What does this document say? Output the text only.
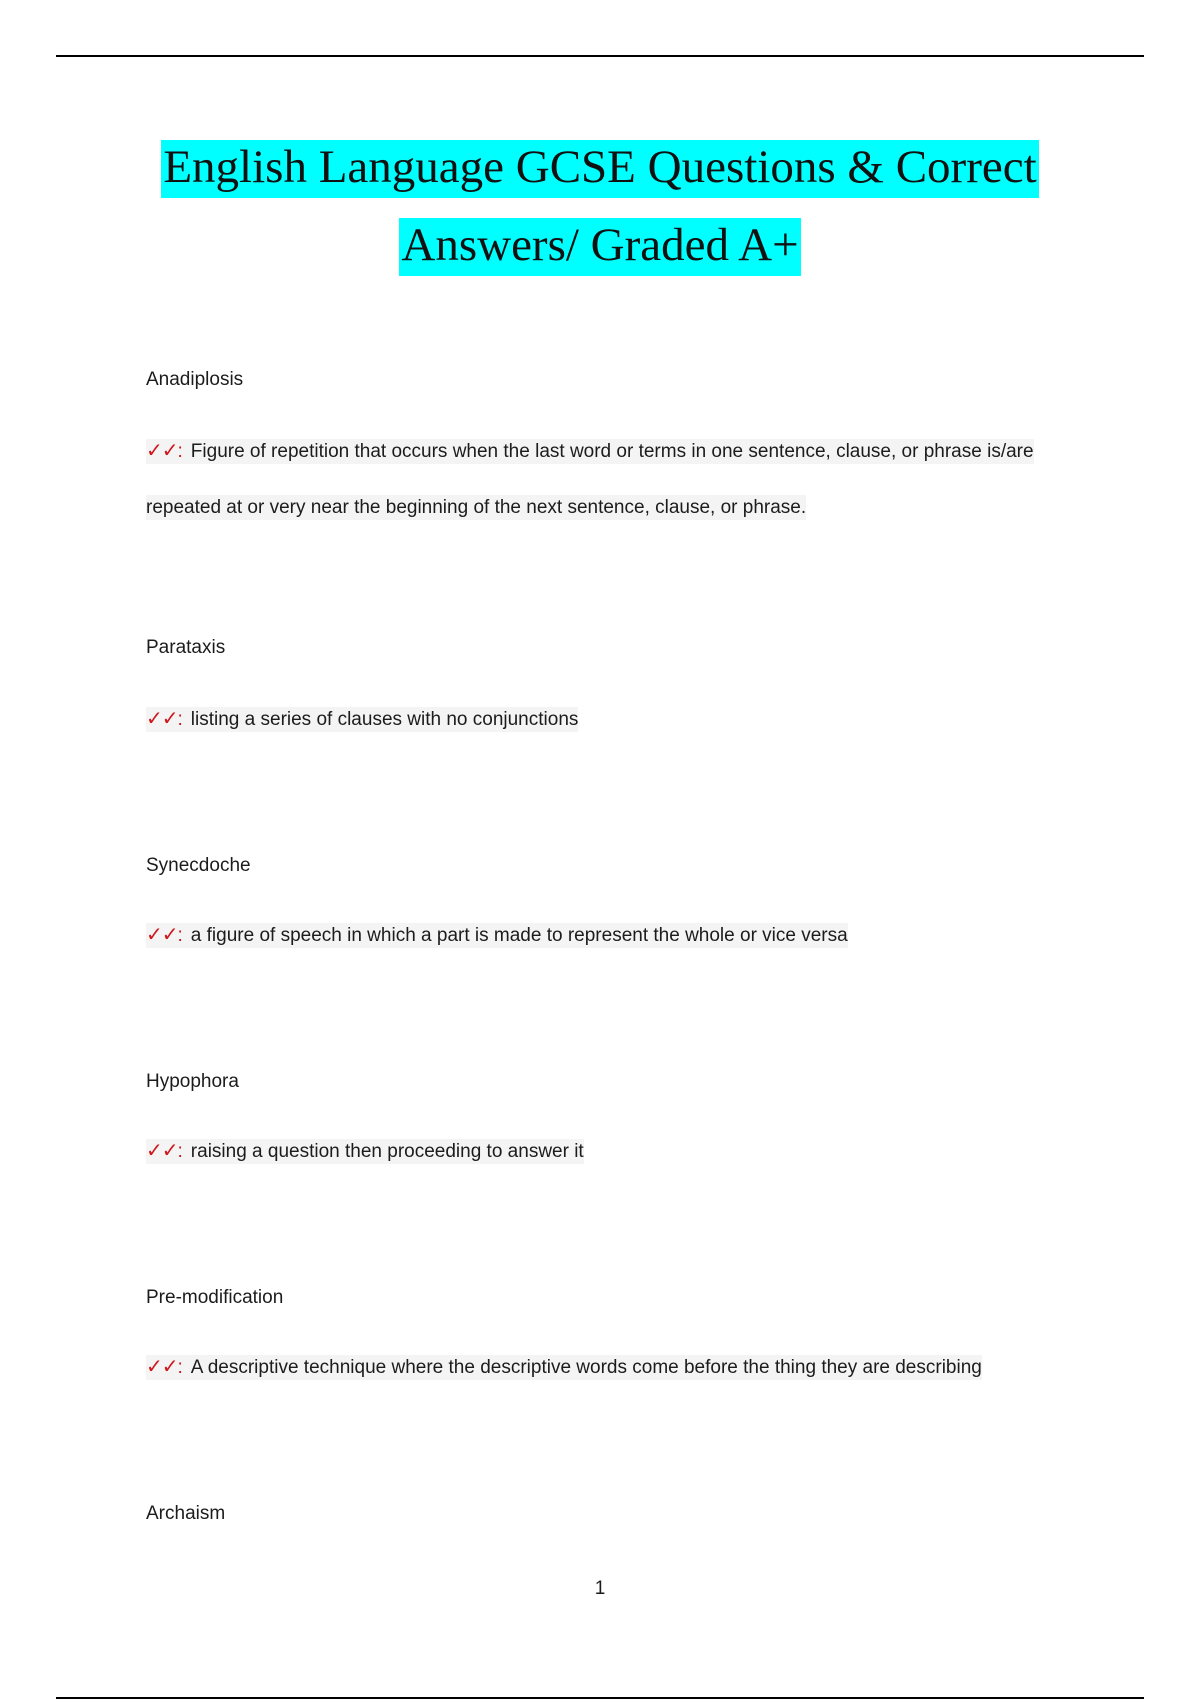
English Language GCSE Questions & Correct
Answers/ Graded A+
Anadiplosis
✓✓: Figure of repetition that occurs when the last word or terms in one sentence, clause, or phrase is/are repeated at or very near the beginning of the next sentence, clause, or phrase.
Parataxis
✓✓: listing a series of clauses with no conjunctions
Synecdoche
✓✓: a figure of speech in which a part is made to represent the whole or vice versa
Hypophora
✓✓: raising a question then proceeding to answer it
Pre-modification
✓✓: A descriptive technique where the descriptive words come before the thing they are describing
Archaism
1
